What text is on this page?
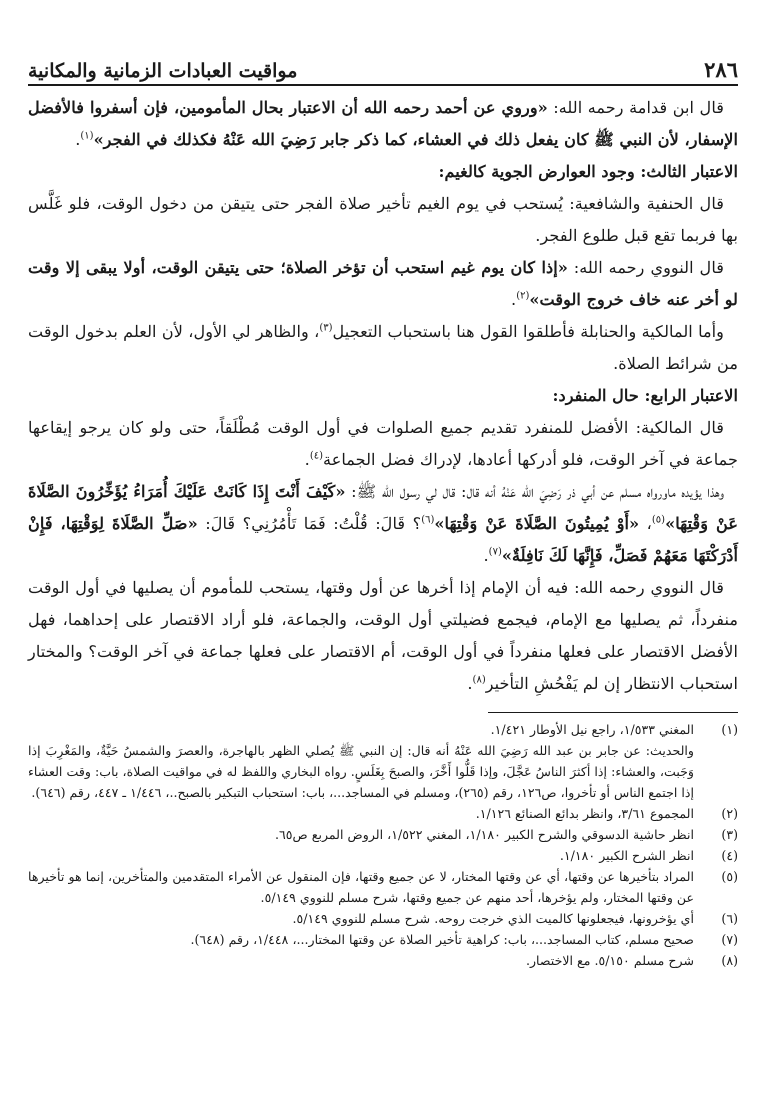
٢٨٦
مواقيت العبادات الزمانية والمكانية

قال ابن قدامة رحمه الله: «وروي عن أحمد رحمه الله أن الاعتبار بحال المأمومين، فإن أسفروا فالأفضل الإسفار، لأن النبي ﷺ كان يفعل ذلك في العشاء، كما ذكر جابر رَضِيَ الله عَنْهُ فكذلك في الفجر»$^{(١)}$.

الاعتبار الثالث: وجود العوارض الجوية كالغيم:

قال الحنفية والشافعية: يُستحب في يوم الغيم تأخير صلاة الفجر حتى يتيقن من دخول الوقت، فلو غَلَّس بها فربما تقع قبل طلوع الفجر.

قال النووي رحمه الله: «إذا كان يوم غيم استحب أن تؤخر الصلاة؛ حتى يتيقن الوقت، أولا يبقى إلا وقت لو أخر عنه خاف خروج الوقت»$^{(٢)}$.

وأما المالكية والحنابلة فأطلقوا القول هنا باستحباب التعجيل$^{(٣)}$، والظاهر لي الأول، لأن العلم بدخول الوقت من شرائط الصلاة.

الاعتبار الرابع: حال المنفرد:

قال المالكية: الأفضل للمنفرد تقديم جميع الصلوات في أول الوقت مُطْلَقاً، حتى ولو كان يرجو إيقاعها جماعة في آخر الوقت، فلو أدركها أعادها، لإدراك فضل الجماعة$^{(٤)}$.

وهذا يؤيده ماورواه مسلم عن أبي ذر رَضِيَ الله عَنْهُ أنه قال: قال لي رسول الله ﷺ: «كَيْفَ أَنْتَ إِذَا كَانَتْ عَلَيْكَ أُمَرَاءُ يُؤَخِّرُونَ الصَّلَاةَ عَنْ وَقْتِهَا»$^{(٥)}$، «أَوْ يُمِيتُونَ الصَّلَاةَ عَنْ وَقْتِهَا»$^{(٦)}$؟ قَالَ: قُلْتُ: فَمَا تَأْمُرُنِي؟ قَالَ: «صَلِّ الصَّلَاةَ لِوَقْتِهَا، فَإِنْ أَدْرَكْتَهَا مَعَهُمْ فَصَلِّ، فَإِنَّهَا لَكَ نَافِلَةٌ»$^{(٧)}$.

قال النووي رحمه الله: فيه أن الإمام إذا أخرها عن أول وقتها، يستحب للمأموم أن يصليها في أول الوقت منفرداً، ثم يصليها مع الإمام، فيجمع فضيلتي أول الوقت، والجماعة، فلو أراد الاقتصار على إحداهما، فهل الأفضل الاقتصار على فعلها منفرداً في أول الوقت، أم الاقتصار على فعلها جماعة في آخر الوقت؟ والمختار استحباب الانتظار إن لم يَفْحُشِ التأخير$^{(٨)}$.

(١)
المغني ١/٥٣٣، راجع نيل الأوطار ١/٤٢١.
والحديث: عن جابر بن عبد الله رَضِيَ الله عَنْهُ أنه قال: إن النبي ﷺ يُصلي الظهر بالهاجرة، والعصرَ والشمسُ حَيَّةٌ، والمَغْرِبَ إذا وَجَبت، والعشاء: إذا أكثرَ الناسُ عَجَّلَ، وإذا قَلُّوا أَخَّرَ، والصبحَ بِغَلَسٍ. رواه البخاري واللفظ له في مواقيت الصلاة، باب: وقت العشاء إذا اجتمع الناس أو تأخروا، ص١٢٦، رقم (٢٦٥)، ومسلم في المساجد...، باب: استحباب التبكير بالصبح..، ١/٤٤٦ ـ ٤٤٧، رقم (٦٤٦).
(٢)
المجموع ٣/٦١، وانظر بدائع الصنائع ١/١٢٦.
(٣)
انظر حاشية الدسوقي والشرح الكبير ١/١٨٠، المغني ١/٥٢٢، الروض المربع ص٦٥.
(٤)
انظر الشرح الكبير ١/١٨٠.
(٥)
المراد بتأخيرها عن وقتها، أي عن وقتها المختار، لا عن جميع وقتها، فإن المنقول عن الأمراء المتقدمين والمتأخرين، إنما هو تأخيرها عن وقتها المختار، ولم يؤخرها، أحد منهم عن جميع وقتها، شرح مسلم للنووي ٥/١٤٩.
(٦)
أي يؤخرونها، فيجعلونها كالميت الذي خرجت روحه. شرح مسلم للنووي ٥/١٤٩.
(٧)
صحيح مسلم، كتاب المساجد...، باب: كراهية تأخير الصلاة عن وقتها المختار...، ١/٤٤٨، رقم (٦٤٨).
(٨)
شرح مسلم ٥/١٥٠. مع الاختصار.
